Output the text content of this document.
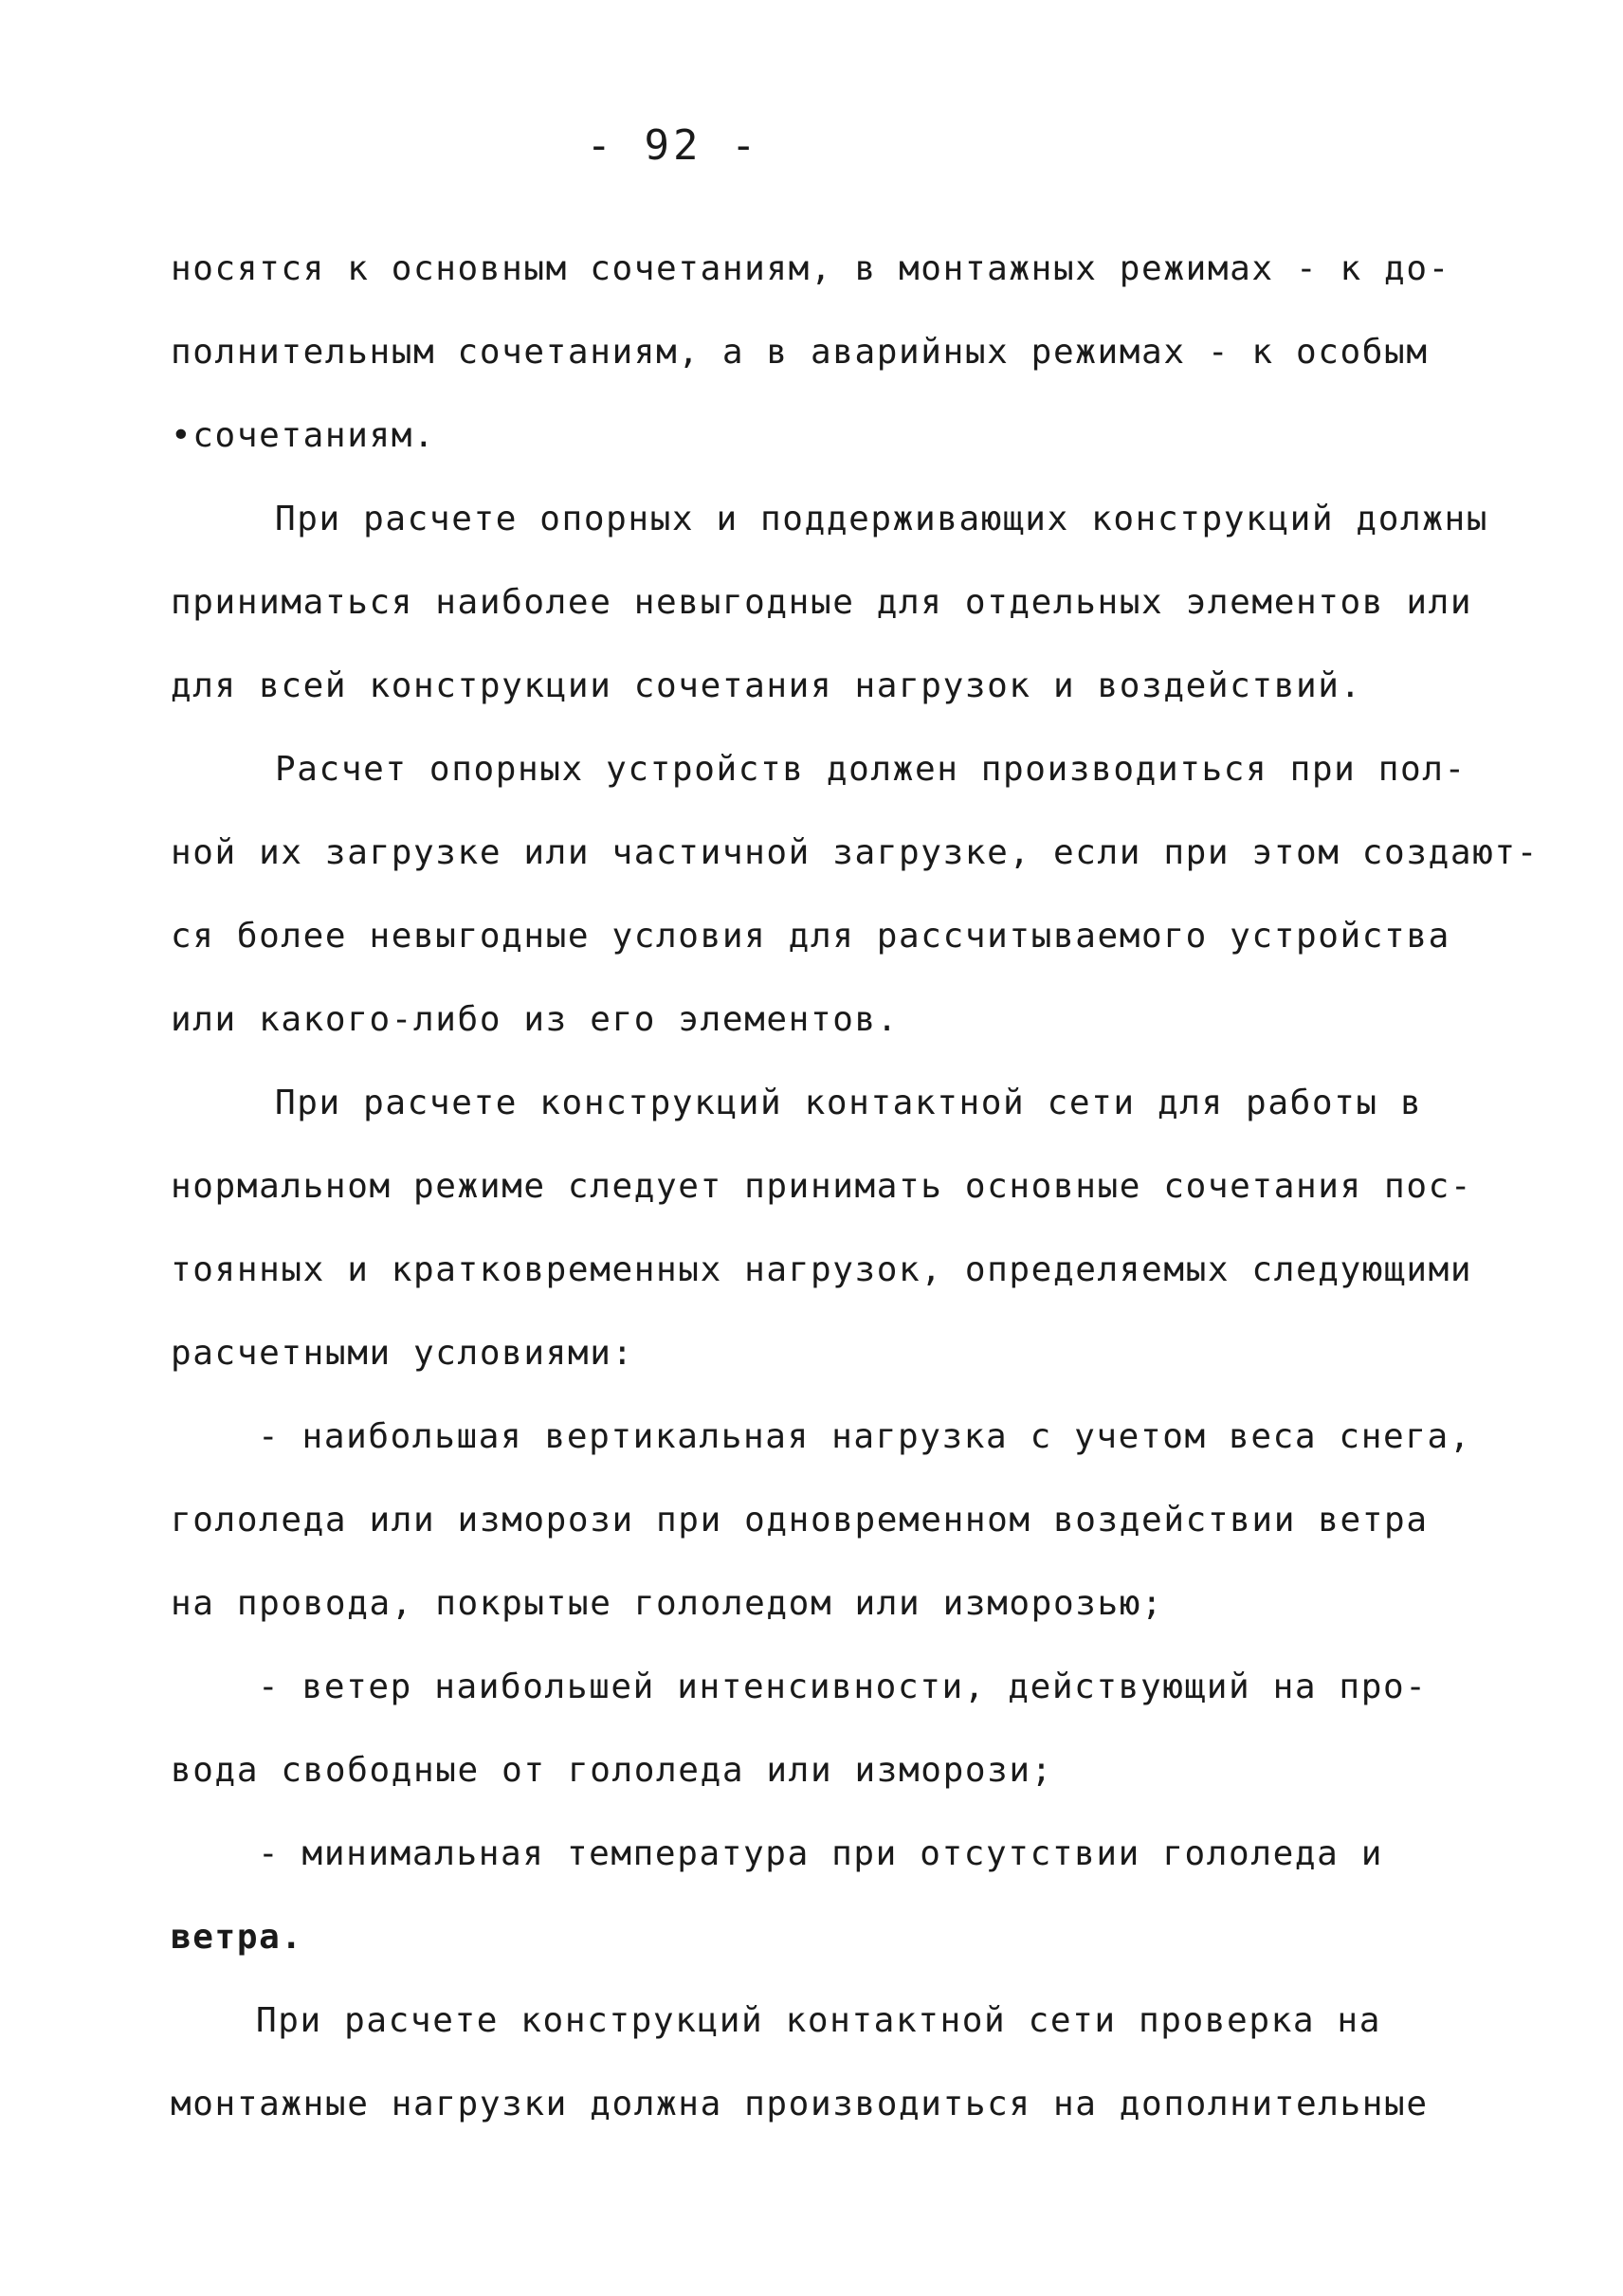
- 92 -
носятся к основным сочетаниям, в монтажных режимах - к до-
полнительным сочетаниям, а в аварийных режимах - к особым
•сочетаниям.
При расчете опорных и поддерживающих конструкций должны
приниматься наиболее невыгодные для отдельных элементов или
для всей конструкции сочетания нагрузок и воздействий.
Расчет опорных устройств должен производиться при пол-
ной их загрузке или частичной загрузке, если при этом создают-
ся более невыгодные условия для рассчитываемого устройства
или какого-либо из его элементов.
При расчете конструкций контактной сети для работы в
нормальном режиме следует принимать основные сочетания пос-
тоянных и кратковременных нагрузок, определяемых следующими
расчетными условиями:
- наибольшая вертикальная нагрузка с учетом веса снега,
гололеда или изморози при одновременном воздействии ветра
на провода, покрытые гололедом или изморозью;
- ветер наибольшей интенсивности, действующий на про-
вода свободные от гололеда или изморози;
- минимальная температура при отсутствии гололеда и
ветра.
При расчете конструкций контактной сети проверка на
монтажные нагрузки должна производиться на дополнительные
